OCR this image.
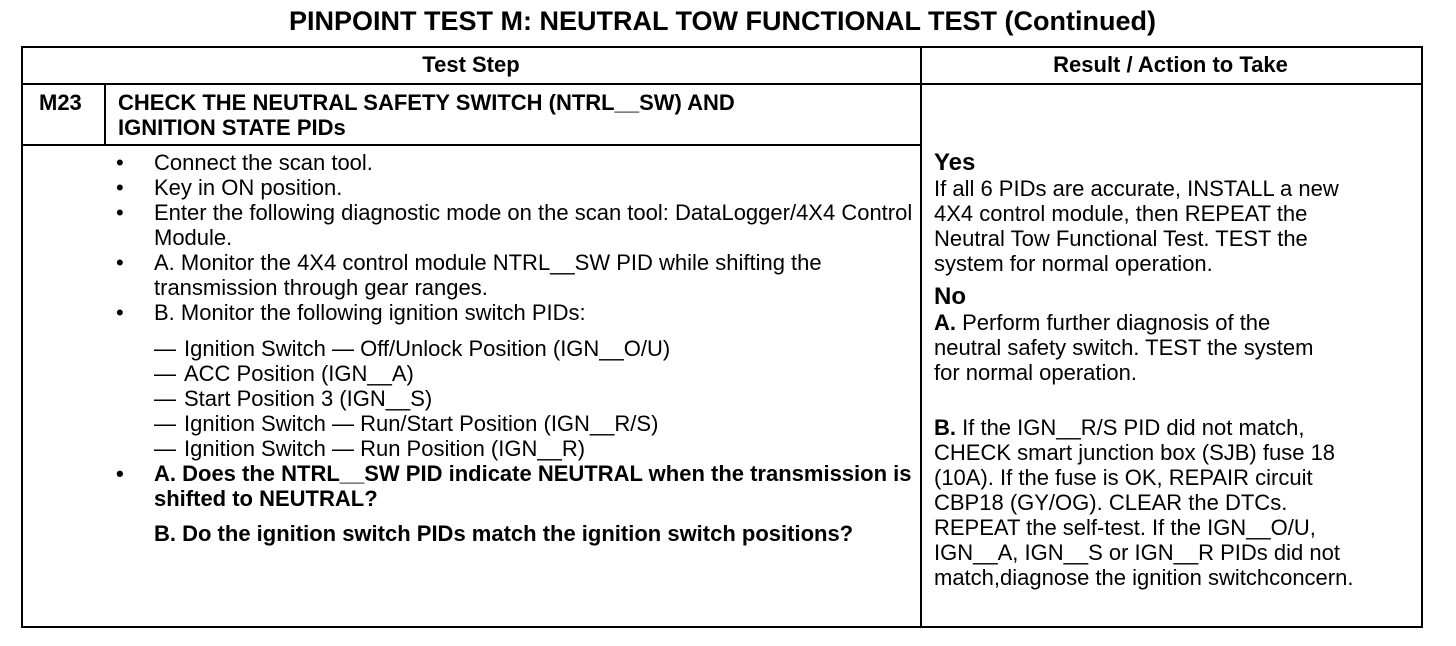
PINPOINT TEST M: NEUTRAL TOW FUNCTIONAL TEST (Continued)
Test Step	Result / Action to Take
M23 CHECK THE NEUTRAL SAFETY SWITCH (NTRL__SW) AND
IGNITION STATE PIDs
• Connect the scan tool.
• Key in ON position.
• Enter the following diagnostic mode on the scan tool: DataLogger/4X4 Control Module.
• A. Monitor the 4X4 control module NTRL__SW PID while shifting the transmission through gear ranges.
• B. Monitor the following ignition switch PIDs:
— Ignition Switch — Off/Unlock Position (IGN__O/U)
— ACC Position (IGN__A)
— Start Position 3 (IGN__S)
— Ignition Switch — Run/Start Position (IGN__R/S)
— Ignition Switch — Run Position (IGN__R)
• A. Does the NTRL__SW PID indicate NEUTRAL when the transmission is shifted to NEUTRAL?
B. Do the ignition switch PIDs match the ignition switch positions?
Yes
If all 6 PIDs are accurate, INSTALL a new
4X4 control module, then REPEAT the
Neutral Tow Functional Test. TEST the
system for normal operation.
No
A. Perform further diagnosis of the
neutral safety switch. TEST the system
for normal operation.
B. If the IGN__R/S PID did not match,
CHECK smart junction box (SJB) fuse 18
(10A). If the fuse is OK, REPAIR circuit
CBP18 (GY/OG). CLEAR the DTCs.
REPEAT the self-test. If the IGN__O/U,
IGN__A, IGN__S or IGN__R PIDs did not
match,diagnose the ignition switchconcern.
